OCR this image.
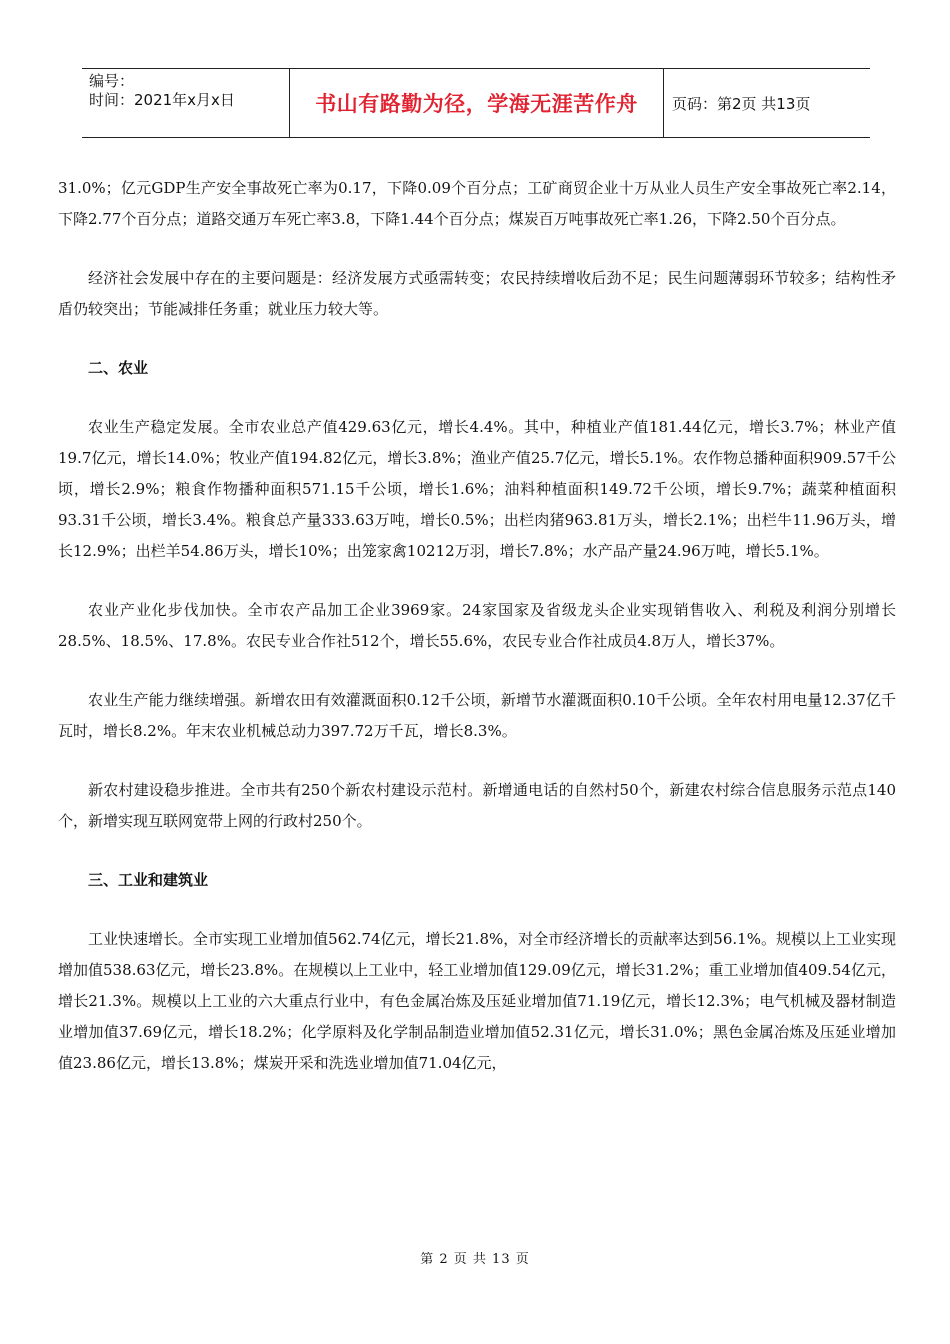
编号：
时间：2021年x月x日	书山有路勤为径，学海无涯苦作舟 页码：第2页 共13页

31.0%；亿元GDP生产安全事故死亡率为0.17，下降0.09个百分点；工矿商贸企业十万从业人员生产安全事故死亡率2.14，下降2.77个百分点；道路交通万车死亡率3.8，下降1.44个百分点；煤炭百万吨事故死亡率1.26，下降2.50个百分点。

经济社会发展中存在的主要问题是：经济发展方式亟需转变；农民持续增收后劲不足；民生问题薄弱环节较多；结构性矛盾仍较突出；节能减排任务重；就业压力较大等。

二、农业

农业生产稳定发展。全市农业总产值429.63亿元，增长4.4%。其中，种植业产值181.44亿元，增长3.7%；林业产值19.7亿元，增长14.0%；牧业产值194.82亿元，增长3.8%；渔业产值25.7亿元，增长5.1%。农作物总播种面积909.57千公顷，增长2.9%；粮食作物播种面积571.15千公顷，增长1.6%；油料种植面积149.72千公顷，增长9.7%；蔬菜种植面积93.31千公顷，增长3.4%。粮食总产量333.63万吨，增长0.5%；出栏肉猪963.81万头，增长2.1%；出栏牛11.96万头，增长12.9%；出栏羊54.86万头，增长10%；出笼家禽10212万羽，增长7.8%；水产品产量24.96万吨，增长5.1%。

农业产业化步伐加快。全市农产品加工企业3969家。24家国家及省级龙头企业实现销售收入、利税及利润分别增长28.5%、18.5%、17.8%。农民专业合作社512个，增长55.6%，农民专业合作社成员4.8万人，增长37%。

农业生产能力继续增强。新增农田有效灌溉面积0.12千公顷，新增节水灌溉面积0.10千公顷。全年农村用电量12.37亿千瓦时，增长8.2%。年末农业机械总动力397.72万千瓦，增长8.3%。

新农村建设稳步推进。全市共有250个新农村建设示范村。新增通电话的自然村50个，新建农村综合信息服务示范点140个，新增实现互联网宽带上网的行政村250个。

三、工业和建筑业

工业快速增长。全市实现工业增加值562.74亿元，增长21.8%，对全市经济增长的贡献率达到56.1%。规模以上工业实现增加值538.63亿元，增长23.8%。在规模以上工业中，轻工业增加值129.09亿元，增长31.2%；重工业增加值409.54亿元，增长21.3%。规模以上工业的六大重点行业中，有色金属冶炼及压延业增加值71.19亿元，增长12.3%；电气机械及器材制造业增加值37.69亿元，增长18.2%；化学原料及化学制品制造业增加值52.31亿元，增长31.0%；黑色金属冶炼及压延业增加值23.86亿元，增长13.8%；煤炭开采和洗选业增加值71.04亿元，

第 2 页 共 13 页
